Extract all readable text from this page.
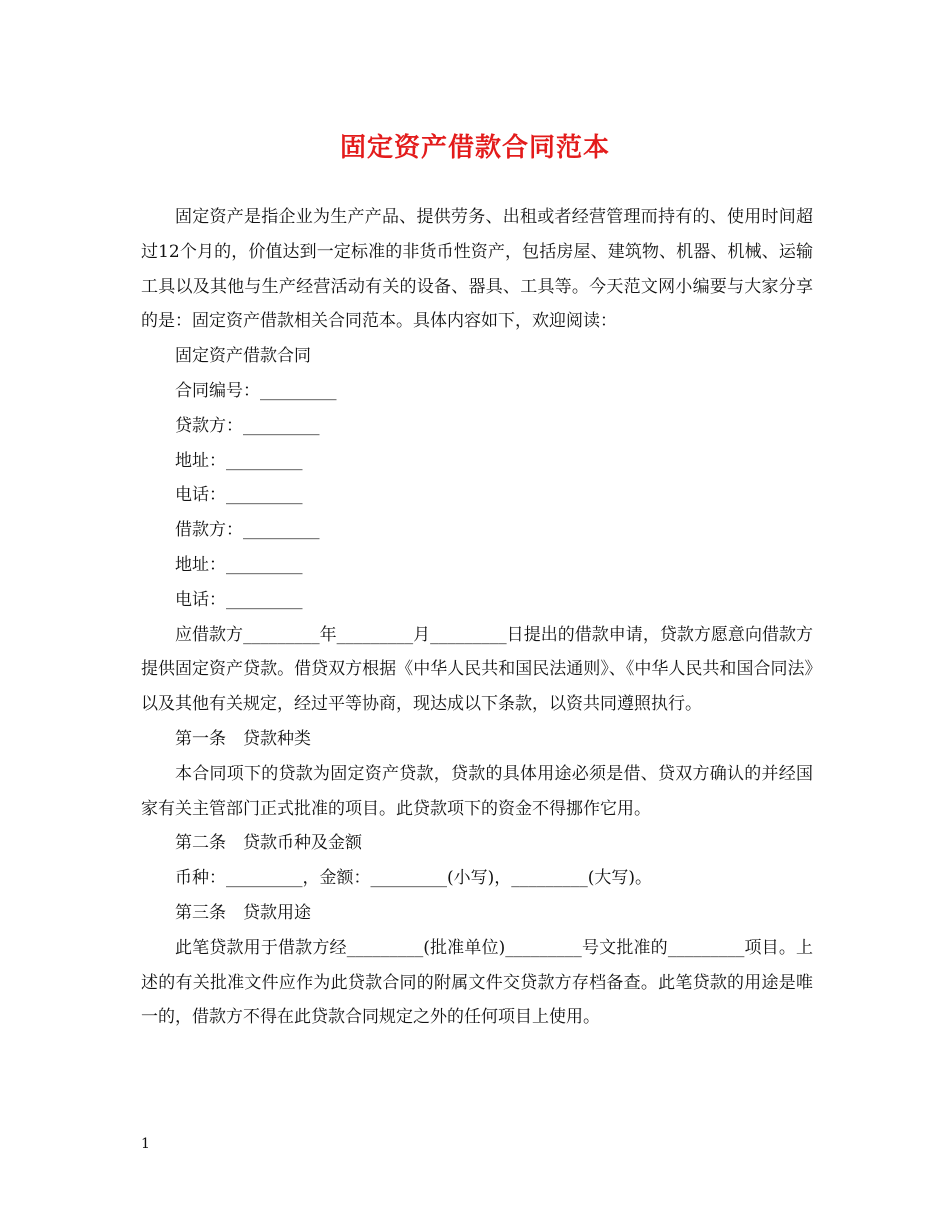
固定资产借款合同范本

固定资产是指企业为生产产品、提供劳务、出租或者经营管理而持有的、使用时间超过12个月的，价值达到一定标准的非货币性资产，包括房屋、建筑物、机器、机械、运输工具以及其他与生产经营活动有关的设备、器具、工具等。今天范文网小编要与大家分享的是：固定资产借款相关合同范本。具体内容如下，欢迎阅读：

固定资产借款合同

合同编号：_________

贷款方：_________

地址：_________

电话：_________

借款方：_________

地址：_________

电话：_________

应借款方_________年_________月_________日提出的借款申请，贷款方愿意向借款方提供固定资产贷款。借贷双方根据《中华人民共和国民法通则》、《中华人民共和国合同法》以及其他有关规定，经过平等协商，现达成以下条款，以资共同遵照执行。

第一条　贷款种类

本合同项下的贷款为固定资产贷款，贷款的具体用途必须是借、贷双方确认的并经国家有关主管部门正式批准的项目。此贷款项下的资金不得挪作它用。

第二条　贷款币种及金额

币种：_________，金额：_________(小写)，_________(大写)。

第三条　贷款用途

此笔贷款用于借款方经_________(批准单位)_________号文批准的_________项目。上述的有关批准文件应作为此贷款合同的附属文件交贷款方存档备查。此笔贷款的用途是唯一的，借款方不得在此贷款合同规定之外的任何项目上使用。

1
